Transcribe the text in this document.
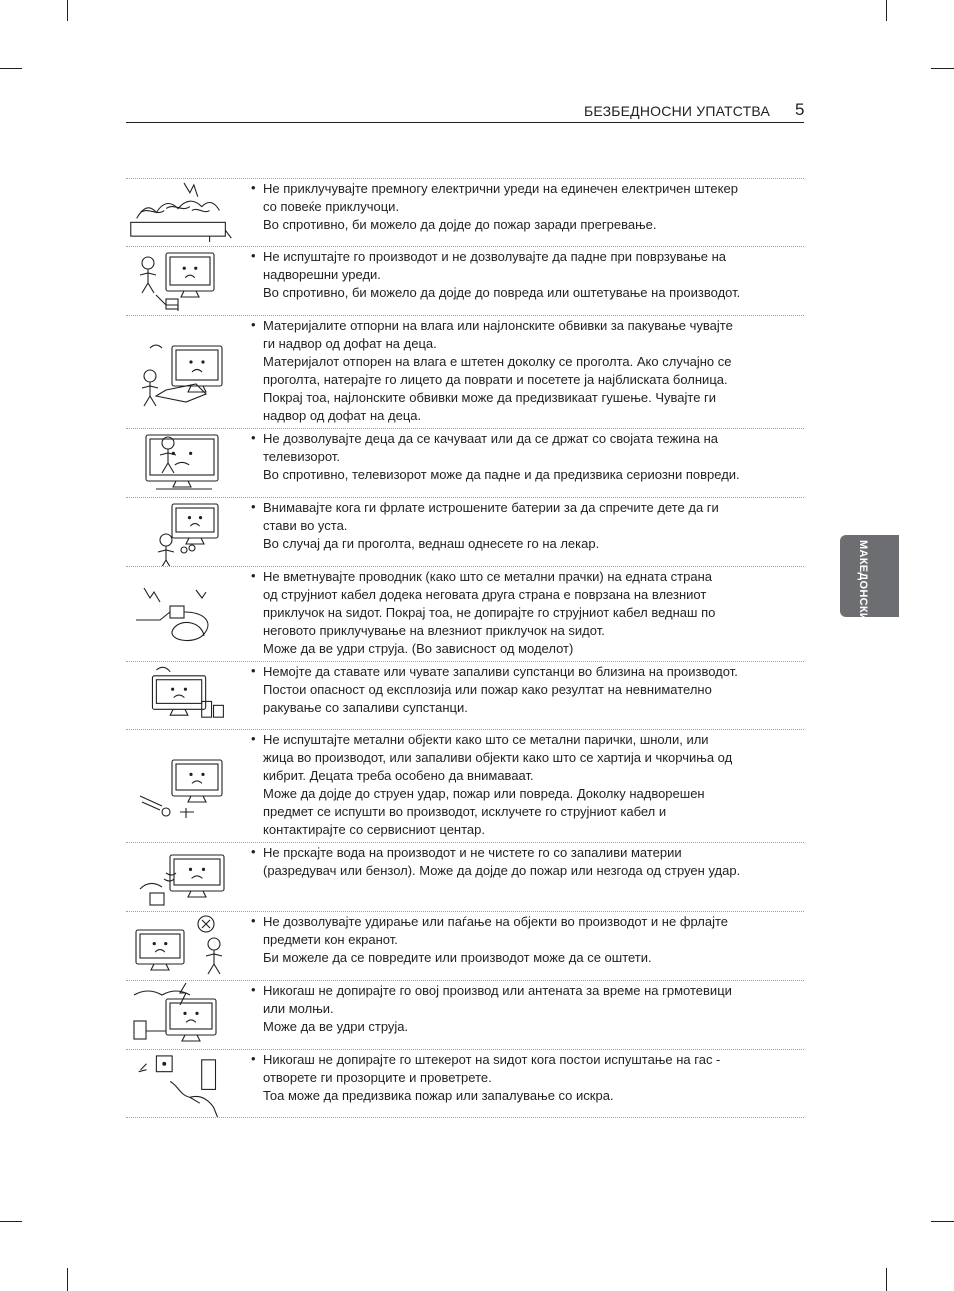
БЕЗБЕДНОСНИ УПАТСТВА 5
МАКЕДОНСКИ
• Не приклучувајте премногу електрични уреди на единечен електричен штекер
со повеќе приклучоци.
Во спротивно, би можело да дојде до пожар заради прегревање.
• Не испуштајте го производот и не дозволувајте да падне при поврзување на
надворешни уреди.
Во спротивно, би можело да дојде до повреда или оштетување на производот.
• Материјалите отпорни на влага или најлонските обвивки за пакување чувајте
ги надвор од дофат на деца.
Материјалот отпорен на влага е штетен доколку се проголта. Ако случајно се
проголта, натерајте го лицето да поврати и посетете ја најблиската болница.
Покрај тоа, најлонските обвивки може да предизвикаат гушење. Чувајте ги
надвор од дофат на деца.
• Не дозволувајте деца да се качуваат или да се држат со својата тежина на
телевизорот.
Во спротивно, телевизорот може да падне и да предизвика сериозни повреди.
• Внимавајте кога ги фрлате истрошените батерии за да спречите дете да ги
стави во уста.
Во случај да ги проголта, веднаш однесете го на лекар.
• Не вметнувајте проводник (како што се метални прачки) на едната страна
од струјниот кабел додека неговата друга страна е поврзана на влезниот
приклучок на ѕидот. Покрај тоа, не допирајте го струјниот кабел веднаш по
неговото приклучување на влезниот приклучок на ѕидот.
Може да ве удри струја. (Во зависност од моделот)
• Немојте да ставате или чувате запаливи супстанци во близина на производот.
Постои опасност од експлозија или пожар како резултат на невнимателно
ракување со запаливи супстанци.
• Не испуштајте метални објекти како што се метални парички, шноли, или
жица во производот, или запаливи објекти како што се хартија и чкорчиња од
кибрит. Децата треба особено да внимаваат.
Може да дојде до струен удар, пожар или повреда. Доколку надворешен
предмет се испушти во производот, исклучете го струјниот кабел и
контактирајте со сервисниот центар.
• Не прскајте вода на производот и не чистете го со запаливи материи
(разредувач или бензол). Може да дојде до пожар или незгода од струен удар.
• Не дозволувајте удирање или паѓање на објекти во производот и не фрлајте
предмети кон екранот.
Би можеле да се повредите или производот може да се оштети.
• Никогаш не допирајте го овој производ или антената за време на грмотевици
или молњи.
Може да ве удри струја.
• Никогаш не допирајте го штекерот на ѕидот кога постои испуштање на гас -
отворете ги прозорците и проветрете.
Тоа може да предизвика пожар или запалување со искра.
